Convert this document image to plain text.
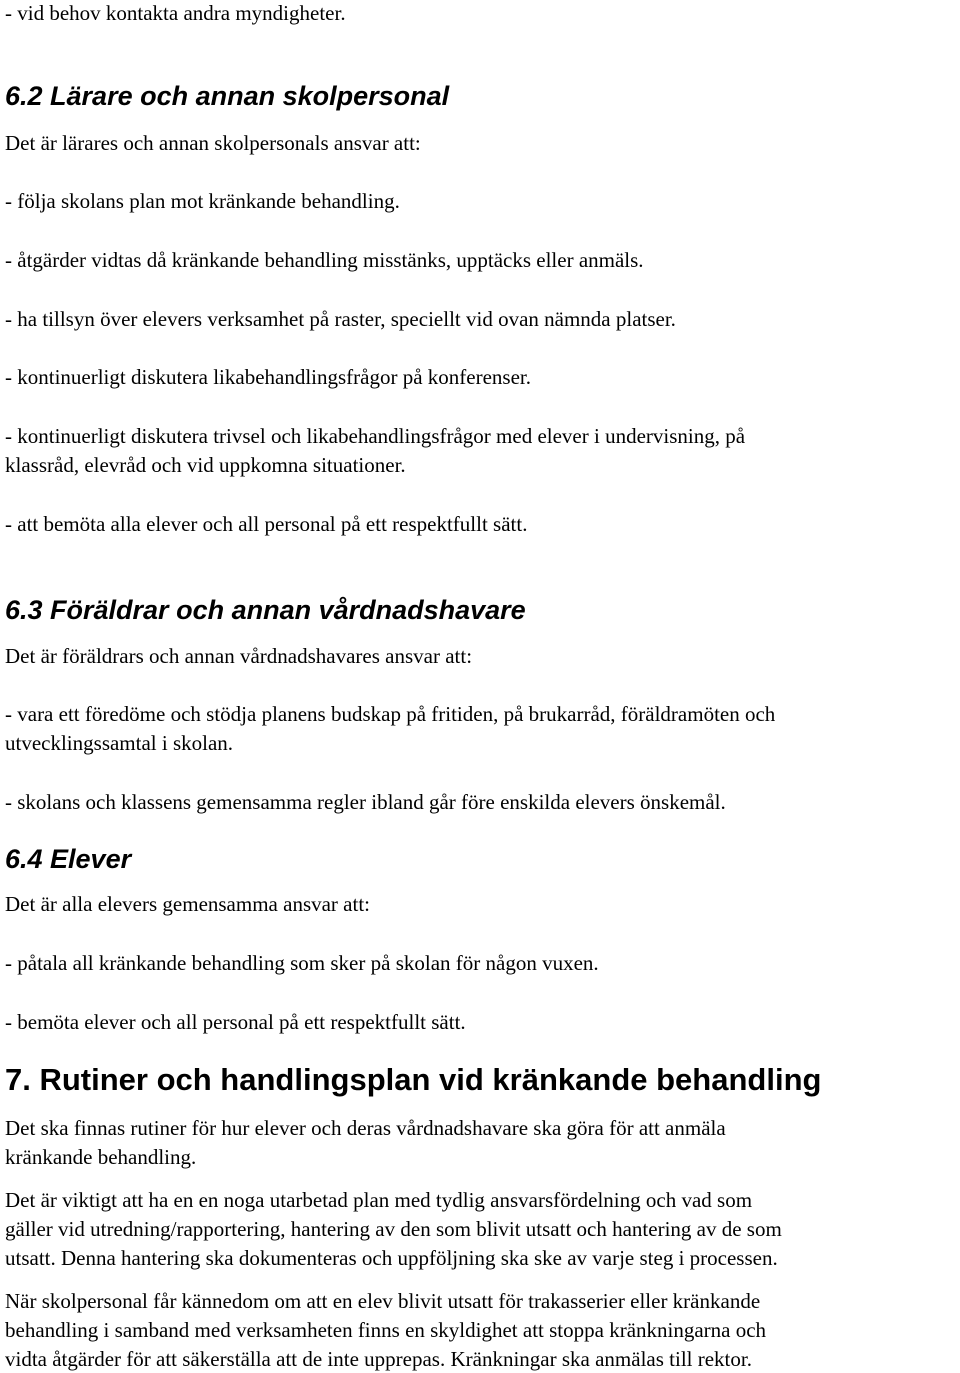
- vid behov kontakta andra myndigheter.

6.2 Lärare och annan skolpersonal

Det är lärares och annan skolpersonals ansvar att:

- följa skolans plan mot kränkande behandling.

- åtgärder vidtas då kränkande behandling misstänks, upptäcks eller anmäls.

- ha tillsyn över elevers verksamhet på raster, speciellt vid ovan nämnda platser.

- kontinuerligt diskutera likabehandlingsfrågor på konferenser.

- kontinuerligt diskutera trivsel och likabehandlingsfrågor med elever i undervisning, på

klassråd, elevråd och vid uppkomna situationer.

- att bemöta alla elever och all personal på ett respektfullt sätt.

6.3 Föräldrar och annan vårdnadshavare

Det är föräldrars och annan vårdnadshavares ansvar att:

- vara ett föredöme och stödja planens budskap på fritiden, på brukarråd, föräldramöten och

utvecklingssamtal i skolan.

- skolans och klassens gemensamma regler ibland går före enskilda elevers önskemål.

6.4 Elever

Det är alla elevers gemensamma ansvar att:

- påtala all kränkande behandling som sker på skolan för någon vuxen.

- bemöta elever och all personal på ett respektfullt sätt.

7. Rutiner och handlingsplan vid kränkande behandling

Det ska finnas rutiner för hur elever och deras vårdnadshavare ska göra för att anmäla

kränkande behandling.

Det är viktigt att ha en en noga utarbetad plan med tydlig ansvarsfördelning och vad som

gäller vid utredning/rapportering, hantering av den som blivit utsatt och hantering av de som

utsatt. Denna hantering ska dokumenteras och uppföljning ska ske av varje steg i processen.

När skolpersonal får kännedom om att en elev blivit utsatt för trakasserier eller kränkande

behandling i samband med verksamheten finns en skyldighet att stoppa kränkningarna och

vidta åtgärder för att säkerställa att de inte upprepas. Kränkningar ska anmälas till rektor.
